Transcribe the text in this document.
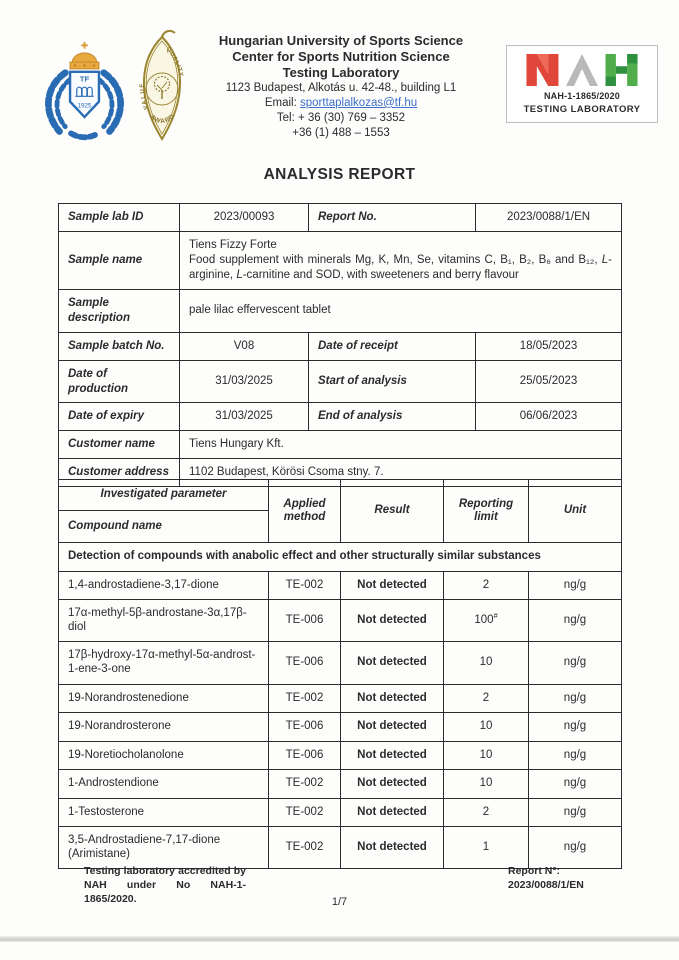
TF
1925	VALUE
QUALITY
AWARD
Hungarian University of Sports Science
Center for Sports Nutrition Science
Testing Laboratory
1123 Budapest, Alkotás u. 42-48., building L1
Email: sporttaplalkozas@tf.hu
Tel: + 36 (30) 769 – 3352
+36 (1) 488 – 1553
NAH-1-1865/2020
TESTING LABORATORY
ANALYSIS REPORT
Sample lab ID	2023/00093	Report No.	2023/0088/1/EN
Sample name	Tiens Fizzy Forte
Food supplement with minerals Mg, K, Mn, Se, vitamins C, B₁, B₂, B₆ and B₁₂, L-arginine, L-carnitine and SOD, with sweeteners and berry flavour		

Sample description	pale lilac effervescent tablet		
Sample batch No.	V08	Date of receipt	18/05/2023
Date of production	31/03/2025	Start of analysis	25/05/2023
Date of expiry	31/03/2025	End of analysis	06/06/2023
Customer name	Tiens Hungary Kft.		
Customer address	1102 Budapest, Körösi Csoma stny. 7.		
Investigated parameter
Compound name	Applied method	Result	Reporting limit	Unit
Detection of compounds with anabolic effect and other structurally similar substances				
1,4-androstadiene-3,17-dione	TE-002	Not detected	2	ng/g
17α-methyl-5β-androstane-3α,17β-diol	TE-006	Not detected	100#	ng/g
17β-hydroxy-17α-methyl-5α-androst-1-ene-3-one	TE-006	Not detected	10	ng/g
19-Norandrostenedione	TE-002	Not detected	2	ng/g
19-Norandrosterone	TE-006	Not detected	10	ng/g
19-Noretiocholanolone	TE-006	Not detected	10	ng/g
1-Androstendione	TE-002	Not detected	10	ng/g
1-Testosterone	TE-002	Not detected	2	ng/g
3,5-Androstadiene-7,17-dione (Arimistane)	TE-002	Not detected	1	ng/g
Testing laboratory accredited by NAH under No NAH-1-1865/2020.
Report N°:
2023/0088/1/EN
1/7
